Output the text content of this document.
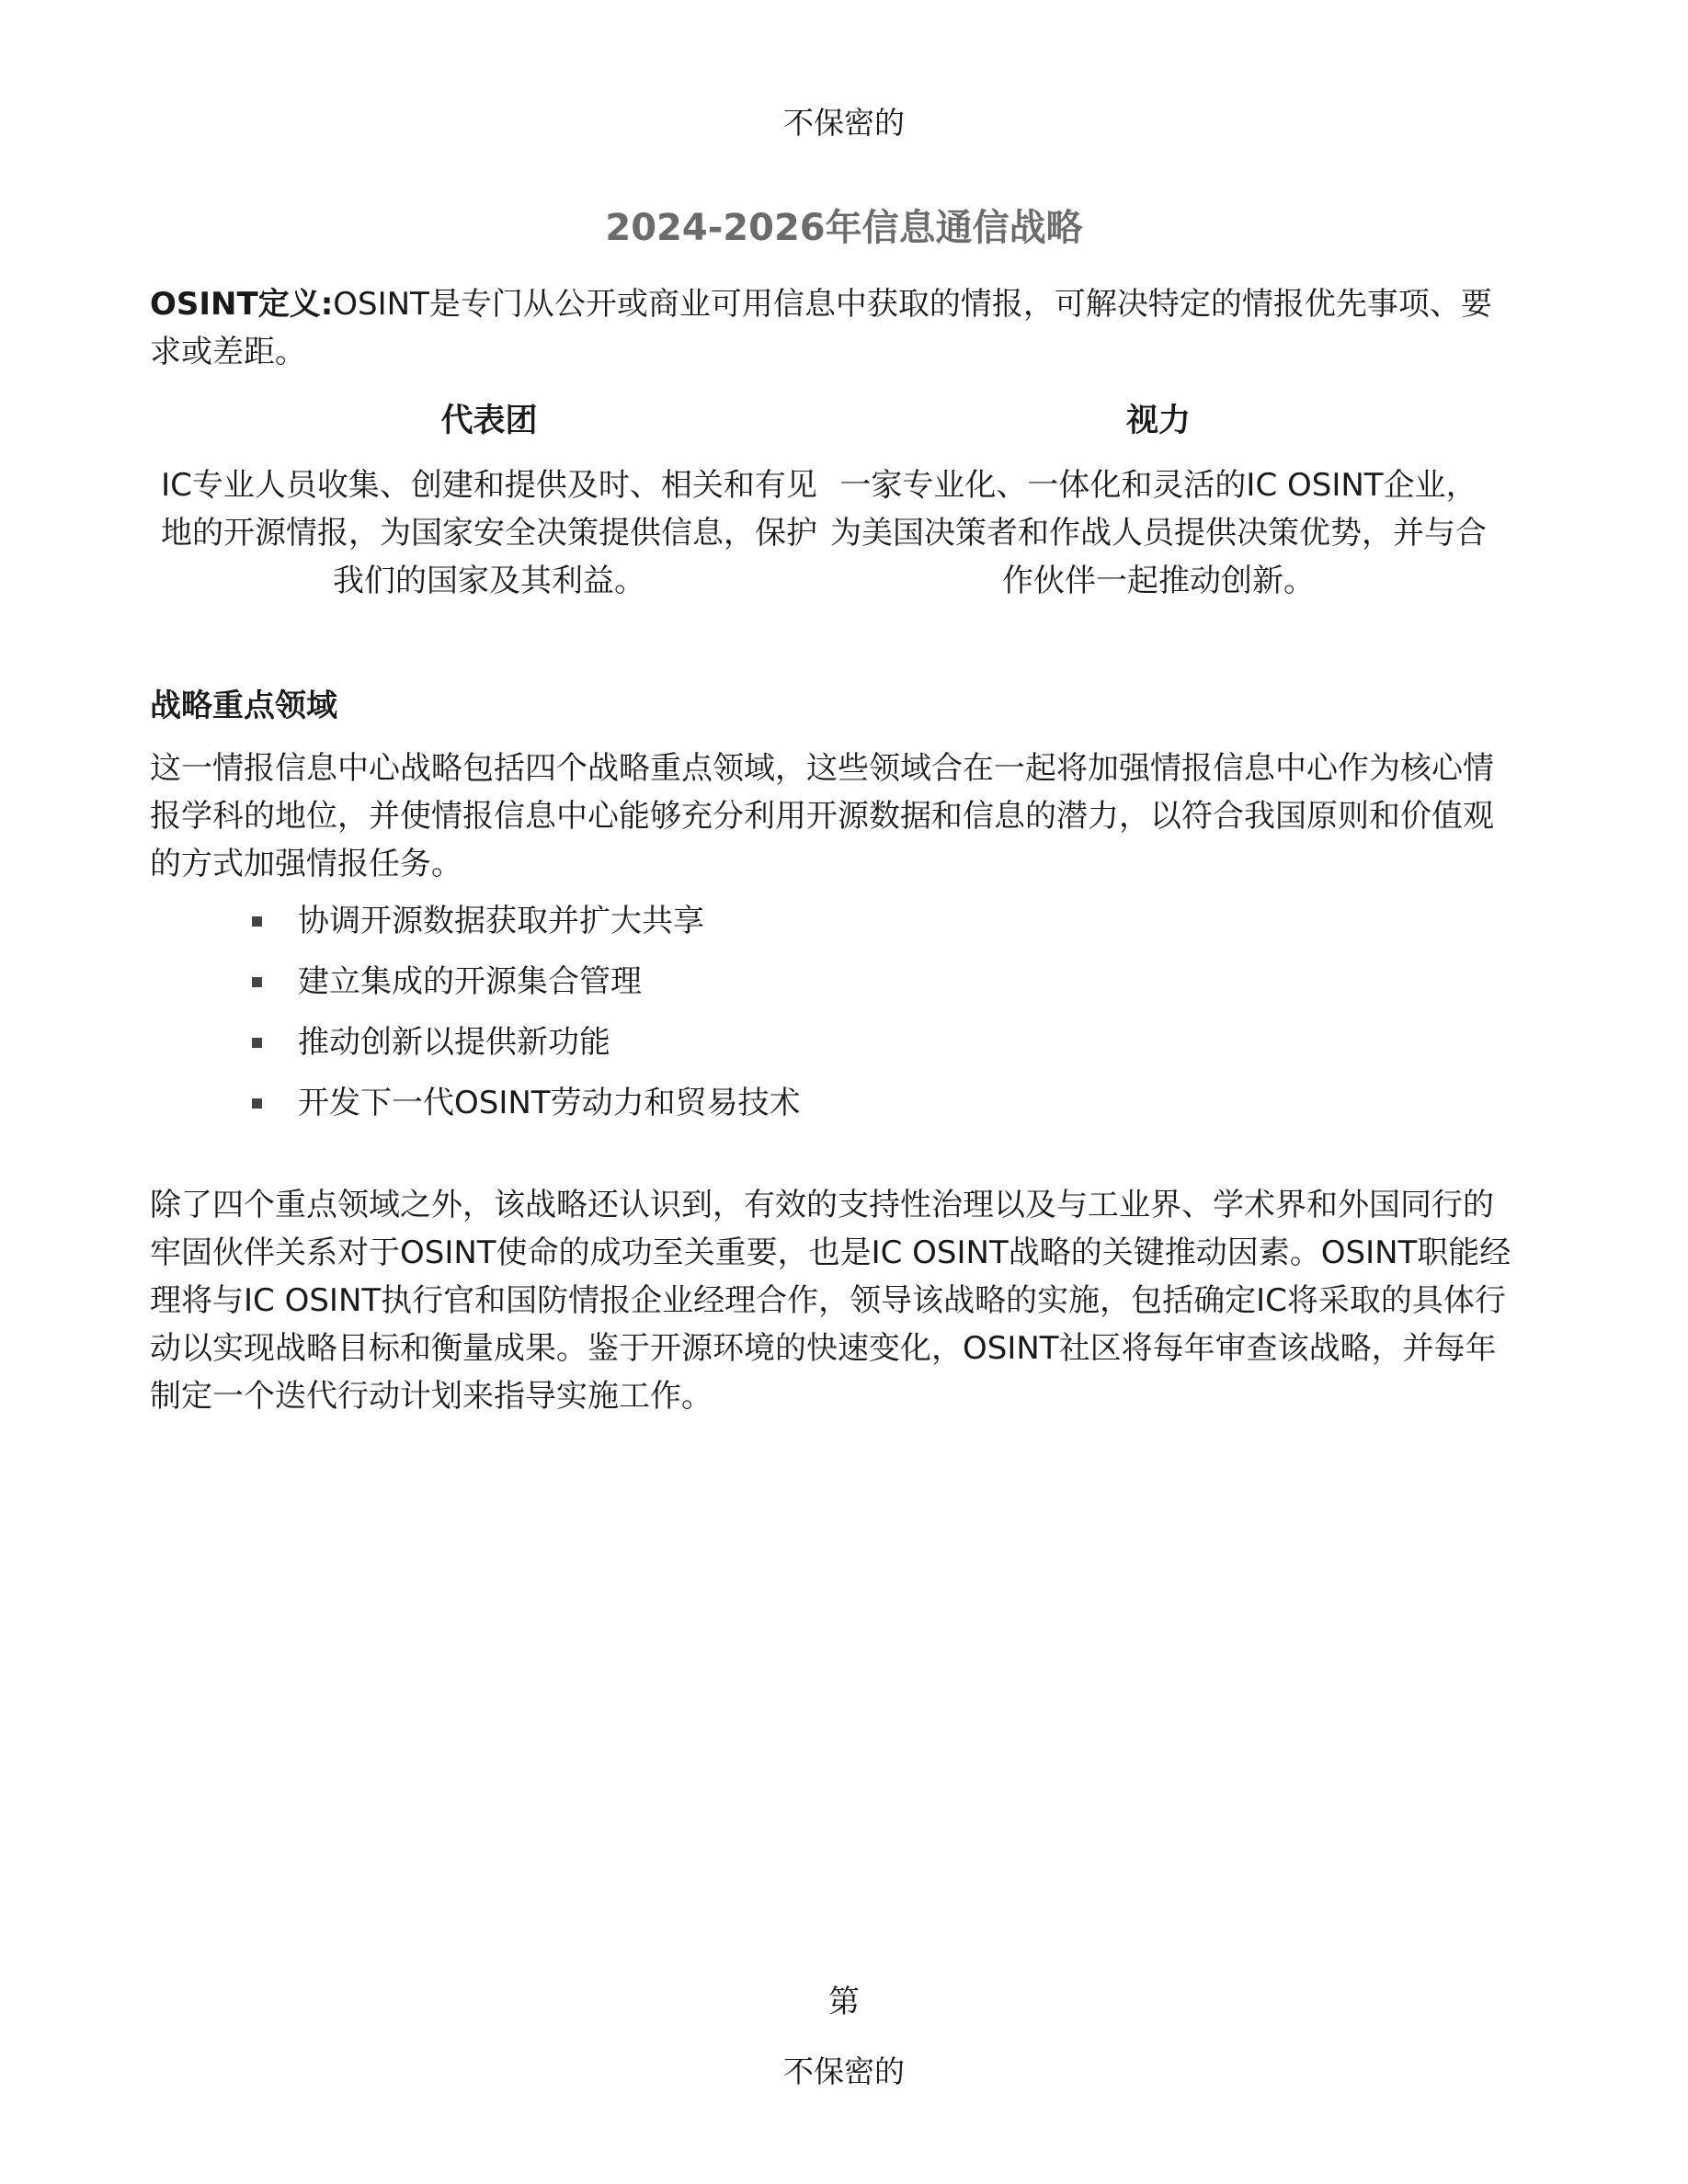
不保密的
2024-2026年信息通信战略
OSINT定义:OSINT是专门从公开或商业可用信息中获取的情报，可解决特定的情报优先事项、要求或差距。
代表团
IC专业人员收集、创建和提供及时、相关和有见地的开源情报，为国家安全决策提供信息，保护我们的国家及其利益。
视力
一家专业化、一体化和灵活的IC OSINT企业，为美国决策者和作战人员提供决策优势，并与合作伙伴一起推动创新。
战略重点领域
这一情报信息中心战略包括四个战略重点领域，这些领域合在一起将加强情报信息中心作为核心情报学科的地位，并使情报信息中心能够充分利用开源数据和信息的潜力，以符合我国原则和价值观的方式加强情报任务。
协调开源数据获取并扩大共享
建立集成的开源集合管理
推动创新以提供新功能
开发下一代OSINT劳动力和贸易技术
除了四个重点领域之外，该战略还认识到，有效的支持性治理以及与工业界、学术界和外国同行的牢固伙伴关系对于OSINT使命的成功至关重要，也是IC OSINT战略的关键推动因素。OSINT职能经理将与IC OSINT执行官和国防情报企业经理合作，领导该战略的实施，包括确定IC将采取的具体行动以实现战略目标和衡量成果。鉴于开源环境的快速变化，OSINT社区将每年审查该战略，并每年制定一个迭代行动计划来指导实施工作。
第
不保密的
